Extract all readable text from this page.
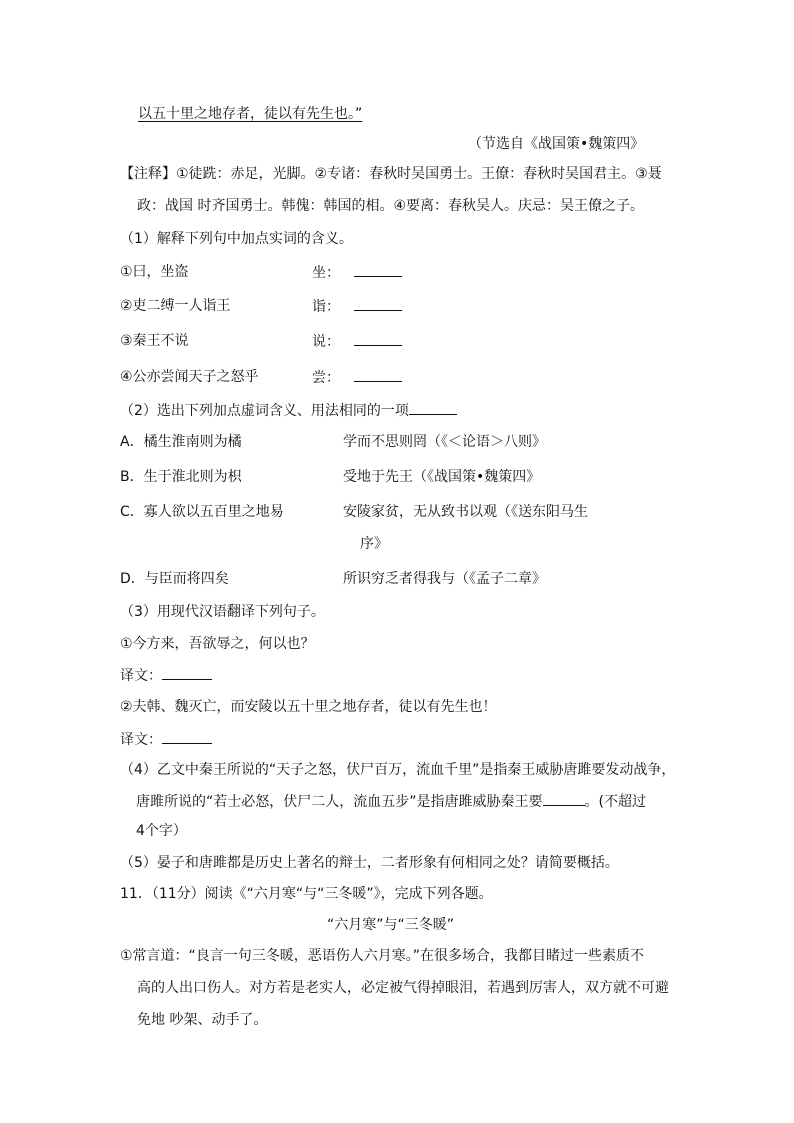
以五十里之地存者，徒以有先生也。”
（节选自《战国策•魏策四》
【注释】①徒跣：赤足，光脚。②专诸：春秋时吴国勇士。王僚：春秋时吴国君主。③聂
政：战国 时齐国勇士。韩傀：韩国的相。④要离：春秋吴人。庆忌：吴王僚之子。
（1）解释下列句中加点实词的含义。
①曰，坐盗	坐：
②吏二缚一人诣王	诣：
③秦王不说	说：
④公亦尝闻天子之怒乎	尝：
（2）选出下列加点虚词含义、用法相同的一项
A．橘生淮南则为橘	学而不思则罔（《＜论语＞八则》
B．生于淮北则为枳	受地于先王（《战国策•魏策四》
C．寡人欲以五百里之地易	安陵家贫，无从致书以观（《送东阳马生
序》
D．与臣而将四矣	所识穷乏者得我与（《孟子二章》
（3）用现代汉语翻译下列句子。
①今方来，吾欲辱之，何以也？
译文：
②夫韩、魏灭亡，而安陵以五十里之地存者，徒以有先生也！
译文：
（4）乙文中秦王所说的“天子之怒，伏尸百万，流血千里”是指秦王威胁唐雎要发动战争，
唐雎所说的“若士必怒，伏尸二人，流血五步”是指唐雎威胁秦王要	。(不超过
4个字）
（5）晏子和唐雎都是历史上著名的辩士，二者形象有何相同之处？请简要概括。
11．（11分）阅读《“六月寒“与“三冬暖”》，完成下列各题。
“六月寒”与“三冬暖”
①常言道：“良言一句三冬暖，恶语伤人六月寒。”在很多场合，我都目睹过一些素质不
高的人出口伤人。对方若是老实人，必定被气得掉眼泪，若遇到厉害人，双方就不可避
免地 吵架、动手了。
